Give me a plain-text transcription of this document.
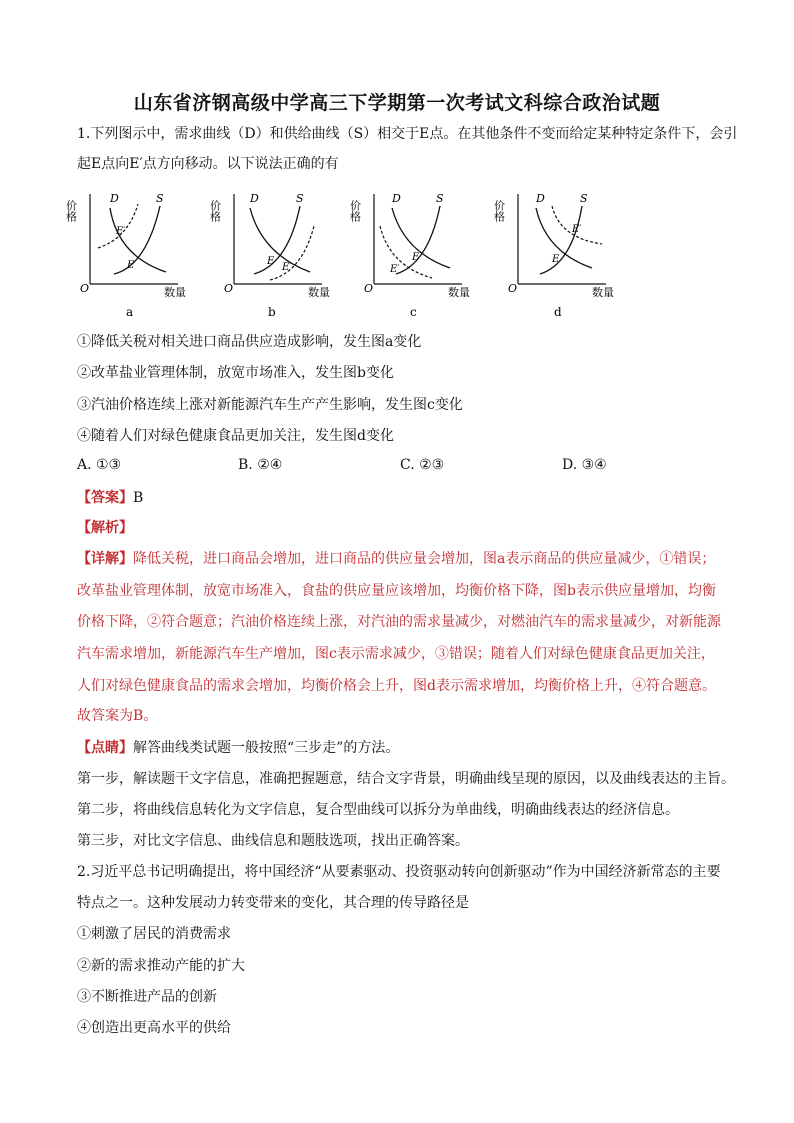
山东省济钢高级中学高三下学期第一次考试文科综合政治试题
1.下列图示中，需求曲线（D）和供给曲线（S）相交于E点。在其他条件不变而给定某种特定条件下，会引
起E点向E′点方向移动。以下说法正确的有
价格
O	数量
D	S
E
E′
a
价格
O	数量
D	S
E
E′
b
价格
O	数量
D	S
E
E′
c
价格
O	数量
D	S
E
E′
d
①降低关税对相关进口商品供应造成影响，发生图a变化
②改革盐业管理体制，放宽市场准入，发生图b变化
③汽油价格连续上涨对新能源汽车生产产生影响，发生图c变化
④随着人们对绿色健康食品更加关注，发生图d变化
A. ①③	B. ②④	C. ②③	D. ③④
【答案】B
【解析】
【详解】降低关税，进口商品会增加，进口商品的供应量会增加，图a表示商品的供应量减少，①错误；
改革盐业管理体制，放宽市场准入，食盐的供应量应该增加，均衡价格下降，图b表示供应量增加，均衡
价格下降，②符合题意；汽油价格连续上涨，对汽油的需求量减少，对燃油汽车的需求量减少，对新能源
汽车需求增加，新能源汽车生产增加，图c表示需求减少，③错误；随着人们对绿色健康食品更加关注，
人们对绿色健康食品的需求会增加，均衡价格会上升，图d表示需求增加，均衡价格上升，④符合题意。
故答案为B。
【点睛】解答曲线类试题一般按照“三步走”的方法。
第一步，解读题干文字信息，准确把握题意，结合文字背景，明确曲线呈现的原因，以及曲线表达的主旨。
第二步，将曲线信息转化为文字信息，复合型曲线可以拆分为单曲线，明确曲线表达的经济信息。
第三步，对比文字信息、曲线信息和题肢选项，找出正确答案。
2.习近平总书记明确提出，将中国经济“从要素驱动、投资驱动转向创新驱动”作为中国经济新常态的主要
特点之一。这种发展动力转变带来的变化，其合理的传导路径是
①刺激了居民的消费需求
②新的需求推动产能的扩大
③不断推进产品的创新
④创造出更高水平的供给
